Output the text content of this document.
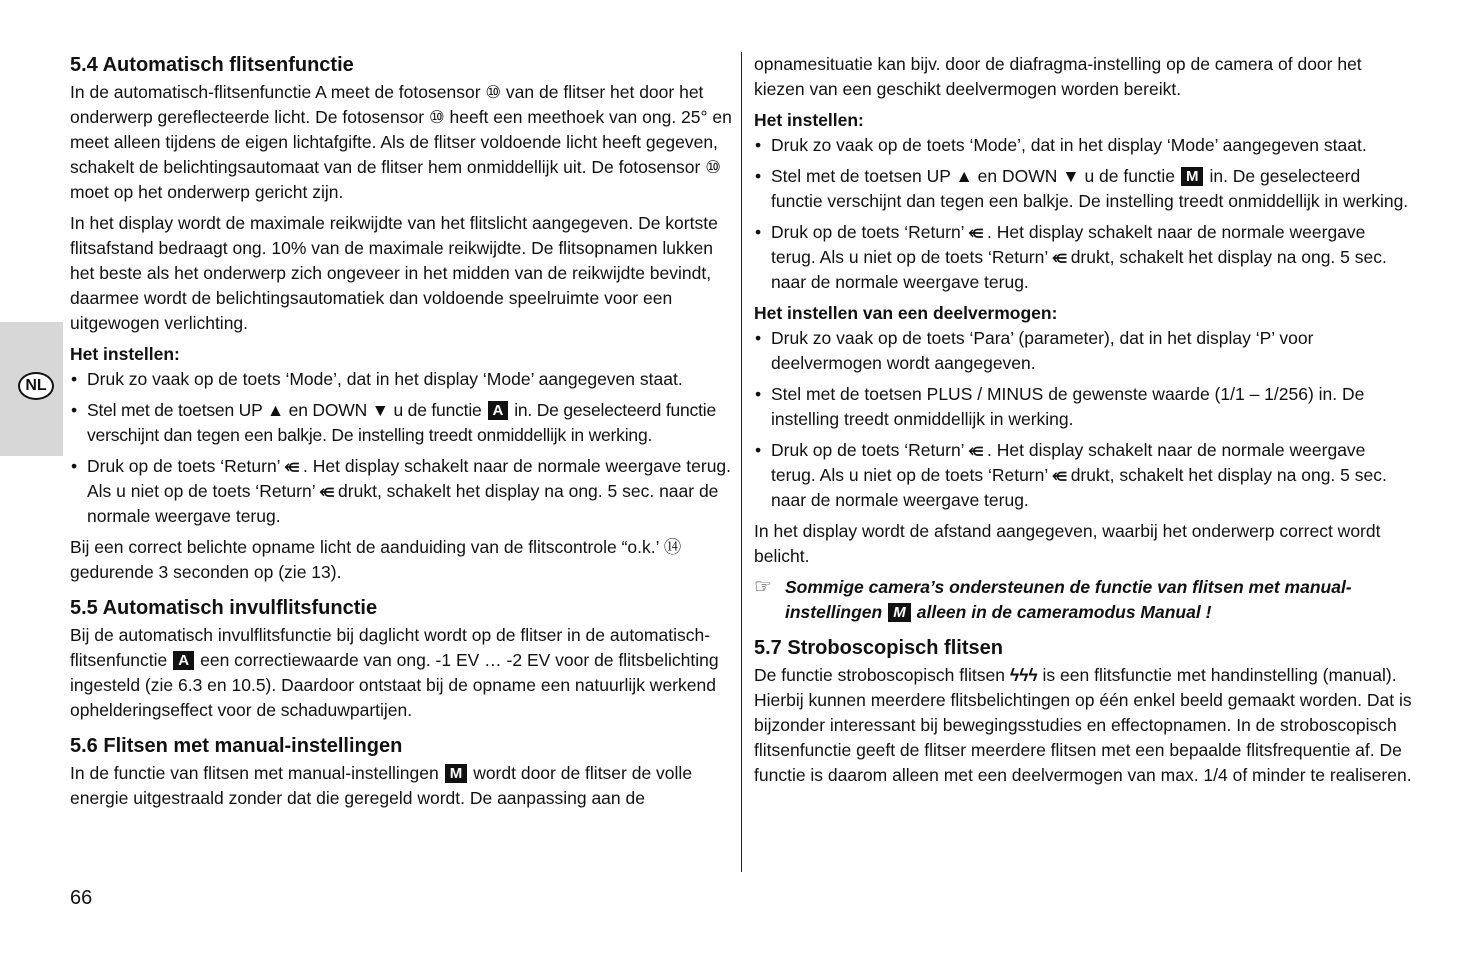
NL
5.4 Automatisch flitsenfunctie

In de automatisch-flitsenfunctie A meet de fotosensor ⑩ van de flitser het door het onderwerp gereflecteerde licht. De fotosensor ⑩ heeft een meethoek van ong. 25° en meet alleen tijdens de eigen lichtafgifte. Als de flitser voldoende licht heeft gegeven, schakelt de belichtingsautomaat van de flitser hem onmiddellijk uit. De fotosensor ⑩ moet op het onderwerp gericht zijn.

In het display wordt de maximale reikwijdte van het flitslicht aangegeven. De kortste flitsafstand bedraagt ong. 10% van de maximale reikwijdte. De flitsopnamen lukken het beste als het onderwerp zich ongeveer in het midden van de reikwijdte bevindt, daarmee wordt de belichtingsautomatiek dan voldoende speelruimte voor een uitgewogen verlichting.

Het instellen:

• Druk zo vaak op de toets ‘Mode’, dat in het display ‘Mode’ aangegeven staat.
• Stel met de toetsen UP ▲ en DOWN ▼ u de functie A in. De geselecteerd functie verschijnt dan tegen een balkje. De instelling treedt onmiddellijk in werking.
• Druk op de toets ‘Return’ ⥺ . Het display schakelt naar de normale weergave terug. Als u niet op de toets ‘Return’ ⥺ drukt, schakelt het display na ong. 5 sec. naar de normale weergave terug.

Bij een correct belichte opname licht de aanduiding van de flitscontrole “o.k.’ ⑭ gedurende 3 seconden op (zie 13).

5.5 Automatisch invulflitsfunctie

Bij de automatisch invulflitsfunctie bij daglicht wordt op de flitser in de automatisch-flitsenfunctie A een correctiewaarde van ong. -1 EV … -2 EV voor de flitsbelichting ingesteld (zie 6.3 en 10.5). Daardoor ontstaat bij de opname een natuurlijk werkend ophelderingseffect voor de schaduwpartijen.

5.6 Flitsen met manual-instellingen

In de functie van flitsen met manual-instellingen M wordt door de flitser de volle energie uitgestraald zonder dat die geregeld wordt. De aanpassing aan de

opnamesituatie kan bijv. door de diafragma-instelling op de camera of door het kiezen van een geschikt deelvermogen worden bereikt.

Het instellen:

• Druk zo vaak op de toets ‘Mode’, dat in het display ‘Mode’ aangegeven staat.
• Stel met de toetsen UP ▲ en DOWN ▼ u de functie M in. De geselecteerd functie verschijnt dan tegen een balkje. De instelling treedt onmiddellijk in werking.
• Druk op de toets ‘Return’ ⥺ . Het display schakelt naar de normale weergave terug. Als u niet op de toets ‘Return’ ⥺ drukt, schakelt het display na ong. 5 sec. naar de normale weergave terug.

Het instellen van een deelvermogen:

• Druk zo vaak op de toets ‘Para’ (parameter), dat in het display ‘P’ voor deelvermogen wordt aangegeven.
• Stel met de toetsen PLUS / MINUS de gewenste waarde (1/1 – 1/256) in. De instelling treedt onmiddellijk in werking.
• Druk op de toets ‘Return’ ⥺ . Het display schakelt naar de normale weergave terug. Als u niet op de toets ‘Return’ ⥺ drukt, schakelt het display na ong. 5 sec. naar de normale weergave terug.

In het display wordt de afstand aangegeven, waarbij het onderwerp correct wordt belicht.

☞ Sommige camera’s ondersteunen de functie van flitsen met manual-instellingen M alleen in de cameramodus Manual !
5.7 Stroboscopisch flitsen

De functie stroboscopisch flitsen ϟϟϟ is een flitsfunctie met handinstelling (manual). Hierbij kunnen meerdere flitsbelichtingen op één enkel beeld gemaakt worden. Dat is bijzonder interessant bij bewegingsstudies en effectopnamen. In de stroboscopisch flitsenfunctie geeft de flitser meerdere flitsen met een bepaalde flitsfrequentie af. De functie is daarom alleen met een deelvermogen van max. 1/4 of minder te realiseren.

66
